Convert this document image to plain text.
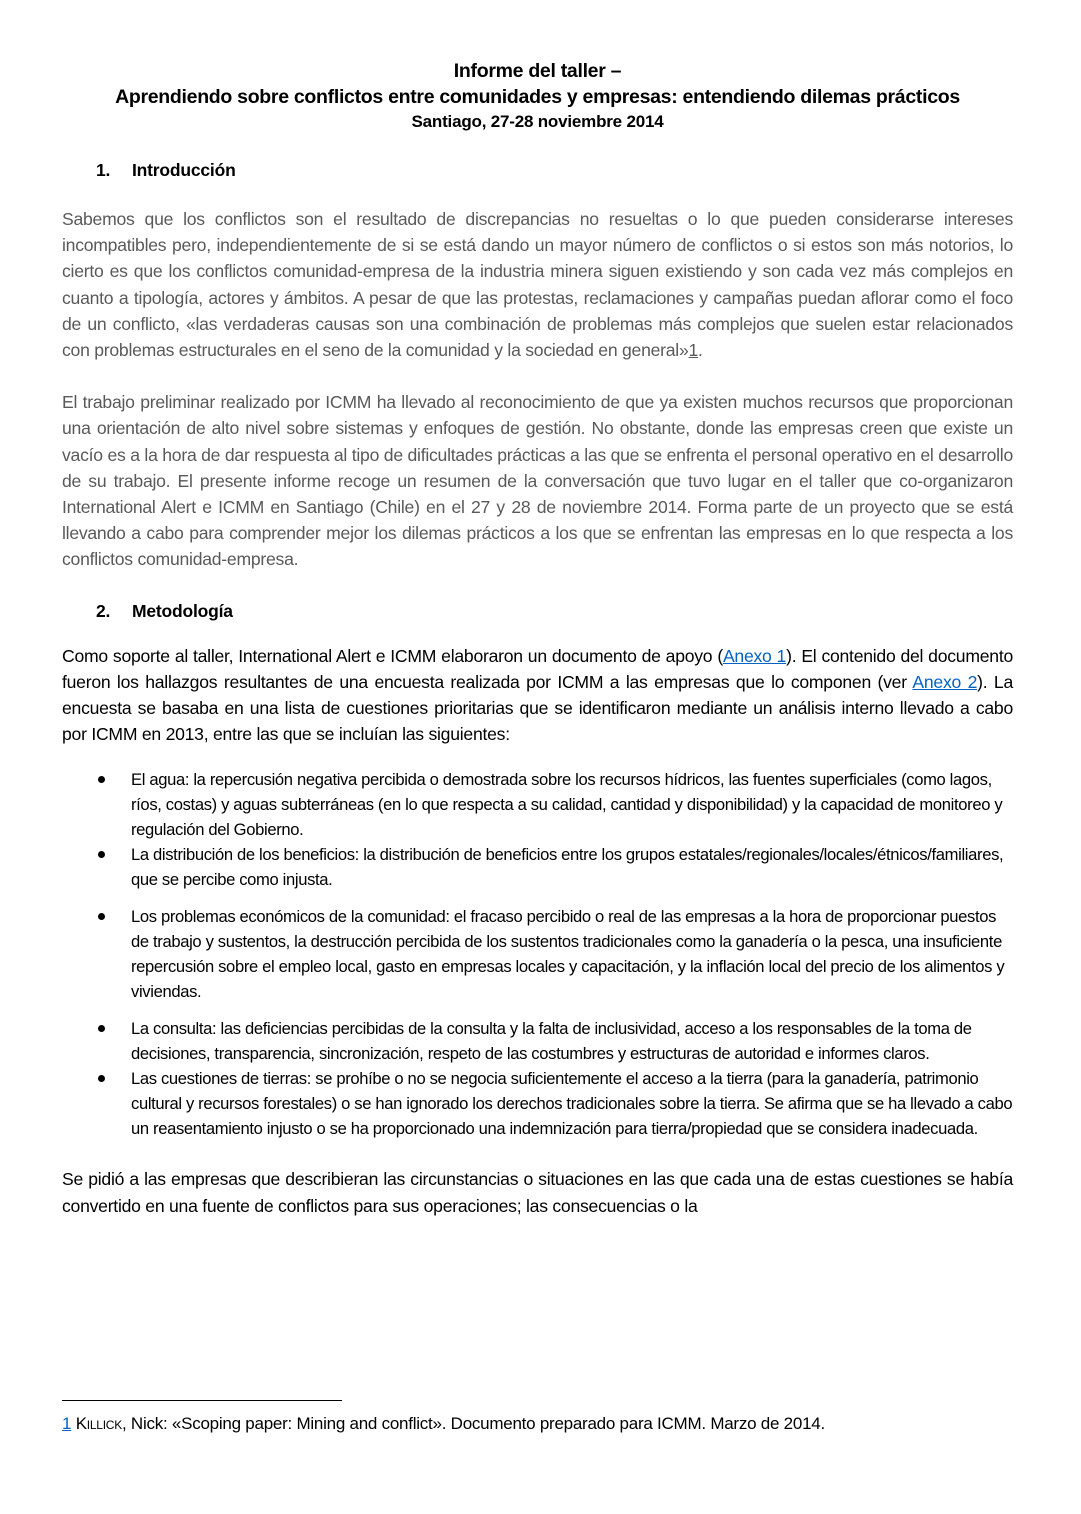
Informe del taller –
Aprendiendo sobre conflictos entre comunidades y empresas: entendiendo dilemas prácticos
Santiago, 27-28 noviembre 2014
1.	Introducción

Sabemos que los conflictos son el resultado de discrepancias no resueltas o lo que pueden considerarse intereses incompatibles pero, independientemente de si se está dando un mayor número de conflictos o si estos son más notorios, lo cierto es que los conflictos comunidad-empresa de la industria minera siguen existiendo y son cada vez más complejos en cuanto a tipología, actores y ámbitos. A pesar de que las protestas, reclamaciones y campañas puedan aflorar como el foco de un conflicto, «las verdaderas causas son una combinación de problemas más complejos que suelen estar relacionados con problemas estructurales en el seno de la comunidad y la sociedad en general»1.

El trabajo preliminar realizado por ICMM ha llevado al reconocimiento de que ya existen muchos recursos que proporcionan una orientación de alto nivel sobre sistemas y enfoques de gestión. No obstante, donde las empresas creen que existe un vacío es a la hora de dar respuesta al tipo de dificultades prácticas a las que se enfrenta el personal operativo en el desarrollo de su trabajo. El presente informe recoge un resumen de la conversación que tuvo lugar en el taller que co-organizaron International Alert e ICMM en Santiago (Chile) en el 27 y 28 de noviembre 2014. Forma parte de un proyecto que se está llevando a cabo para comprender mejor los dilemas prácticos a los que se enfrentan las empresas en lo que respecta a los conflictos comunidad-empresa.

2.	Metodología

Como soporte al taller, International Alert e ICMM elaboraron un documento de apoyo (Anexo 1). El contenido del documento fueron los hallazgos resultantes de una encuesta realizada por ICMM a las empresas que lo componen (ver Anexo 2). La encuesta se basaba en una lista de cuestiones prioritarias que se identificaron mediante un análisis interno llevado a cabo por ICMM en 2013, entre las que se incluían las siguientes:

El agua: la repercusión negativa percibida o demostrada sobre los recursos hídricos, las fuentes superficiales (como lagos, ríos, costas) y aguas subterráneas (en lo que respecta a su calidad, cantidad y disponibilidad) y la capacidad de monitoreo y regulación del Gobierno.
La distribución de los beneficios: la distribución de beneficios entre los grupos estatales/regionales/locales/étnicos/familiares, que se percibe como injusta.
Los problemas económicos de la comunidad: el fracaso percibido o real de las empresas a la hora de proporcionar puestos de trabajo y sustentos, la destrucción percibida de los sustentos tradicionales como la ganadería o la pesca, una insuficiente repercusión sobre el empleo local, gasto en empresas locales y capacitación, y la inflación local del precio de los alimentos y viviendas.
La consulta: las deficiencias percibidas de la consulta y la falta de inclusividad, acceso a los responsables de la toma de decisiones, transparencia, sincronización, respeto de las costumbres y estructuras de autoridad e informes claros.
Las cuestiones de tierras: se prohíbe o no se negocia suficientemente el acceso a la tierra (para la ganadería, patrimonio cultural y recursos forestales) o se han ignorado los derechos tradicionales sobre la tierra. Se afirma que se ha llevado a cabo un reasentamiento injusto o se ha proporcionado una indemnización para tierra/propiedad que se considera inadecuada.

Se pidió a las empresas que describieran las circunstancias o situaciones en las que cada una de estas cuestiones se había convertido en una fuente de conflictos para sus operaciones; las consecuencias o la

1 Killick, Nick: «Scoping paper: Mining and conflict». Documento preparado para ICMM. Marzo de 2014.
